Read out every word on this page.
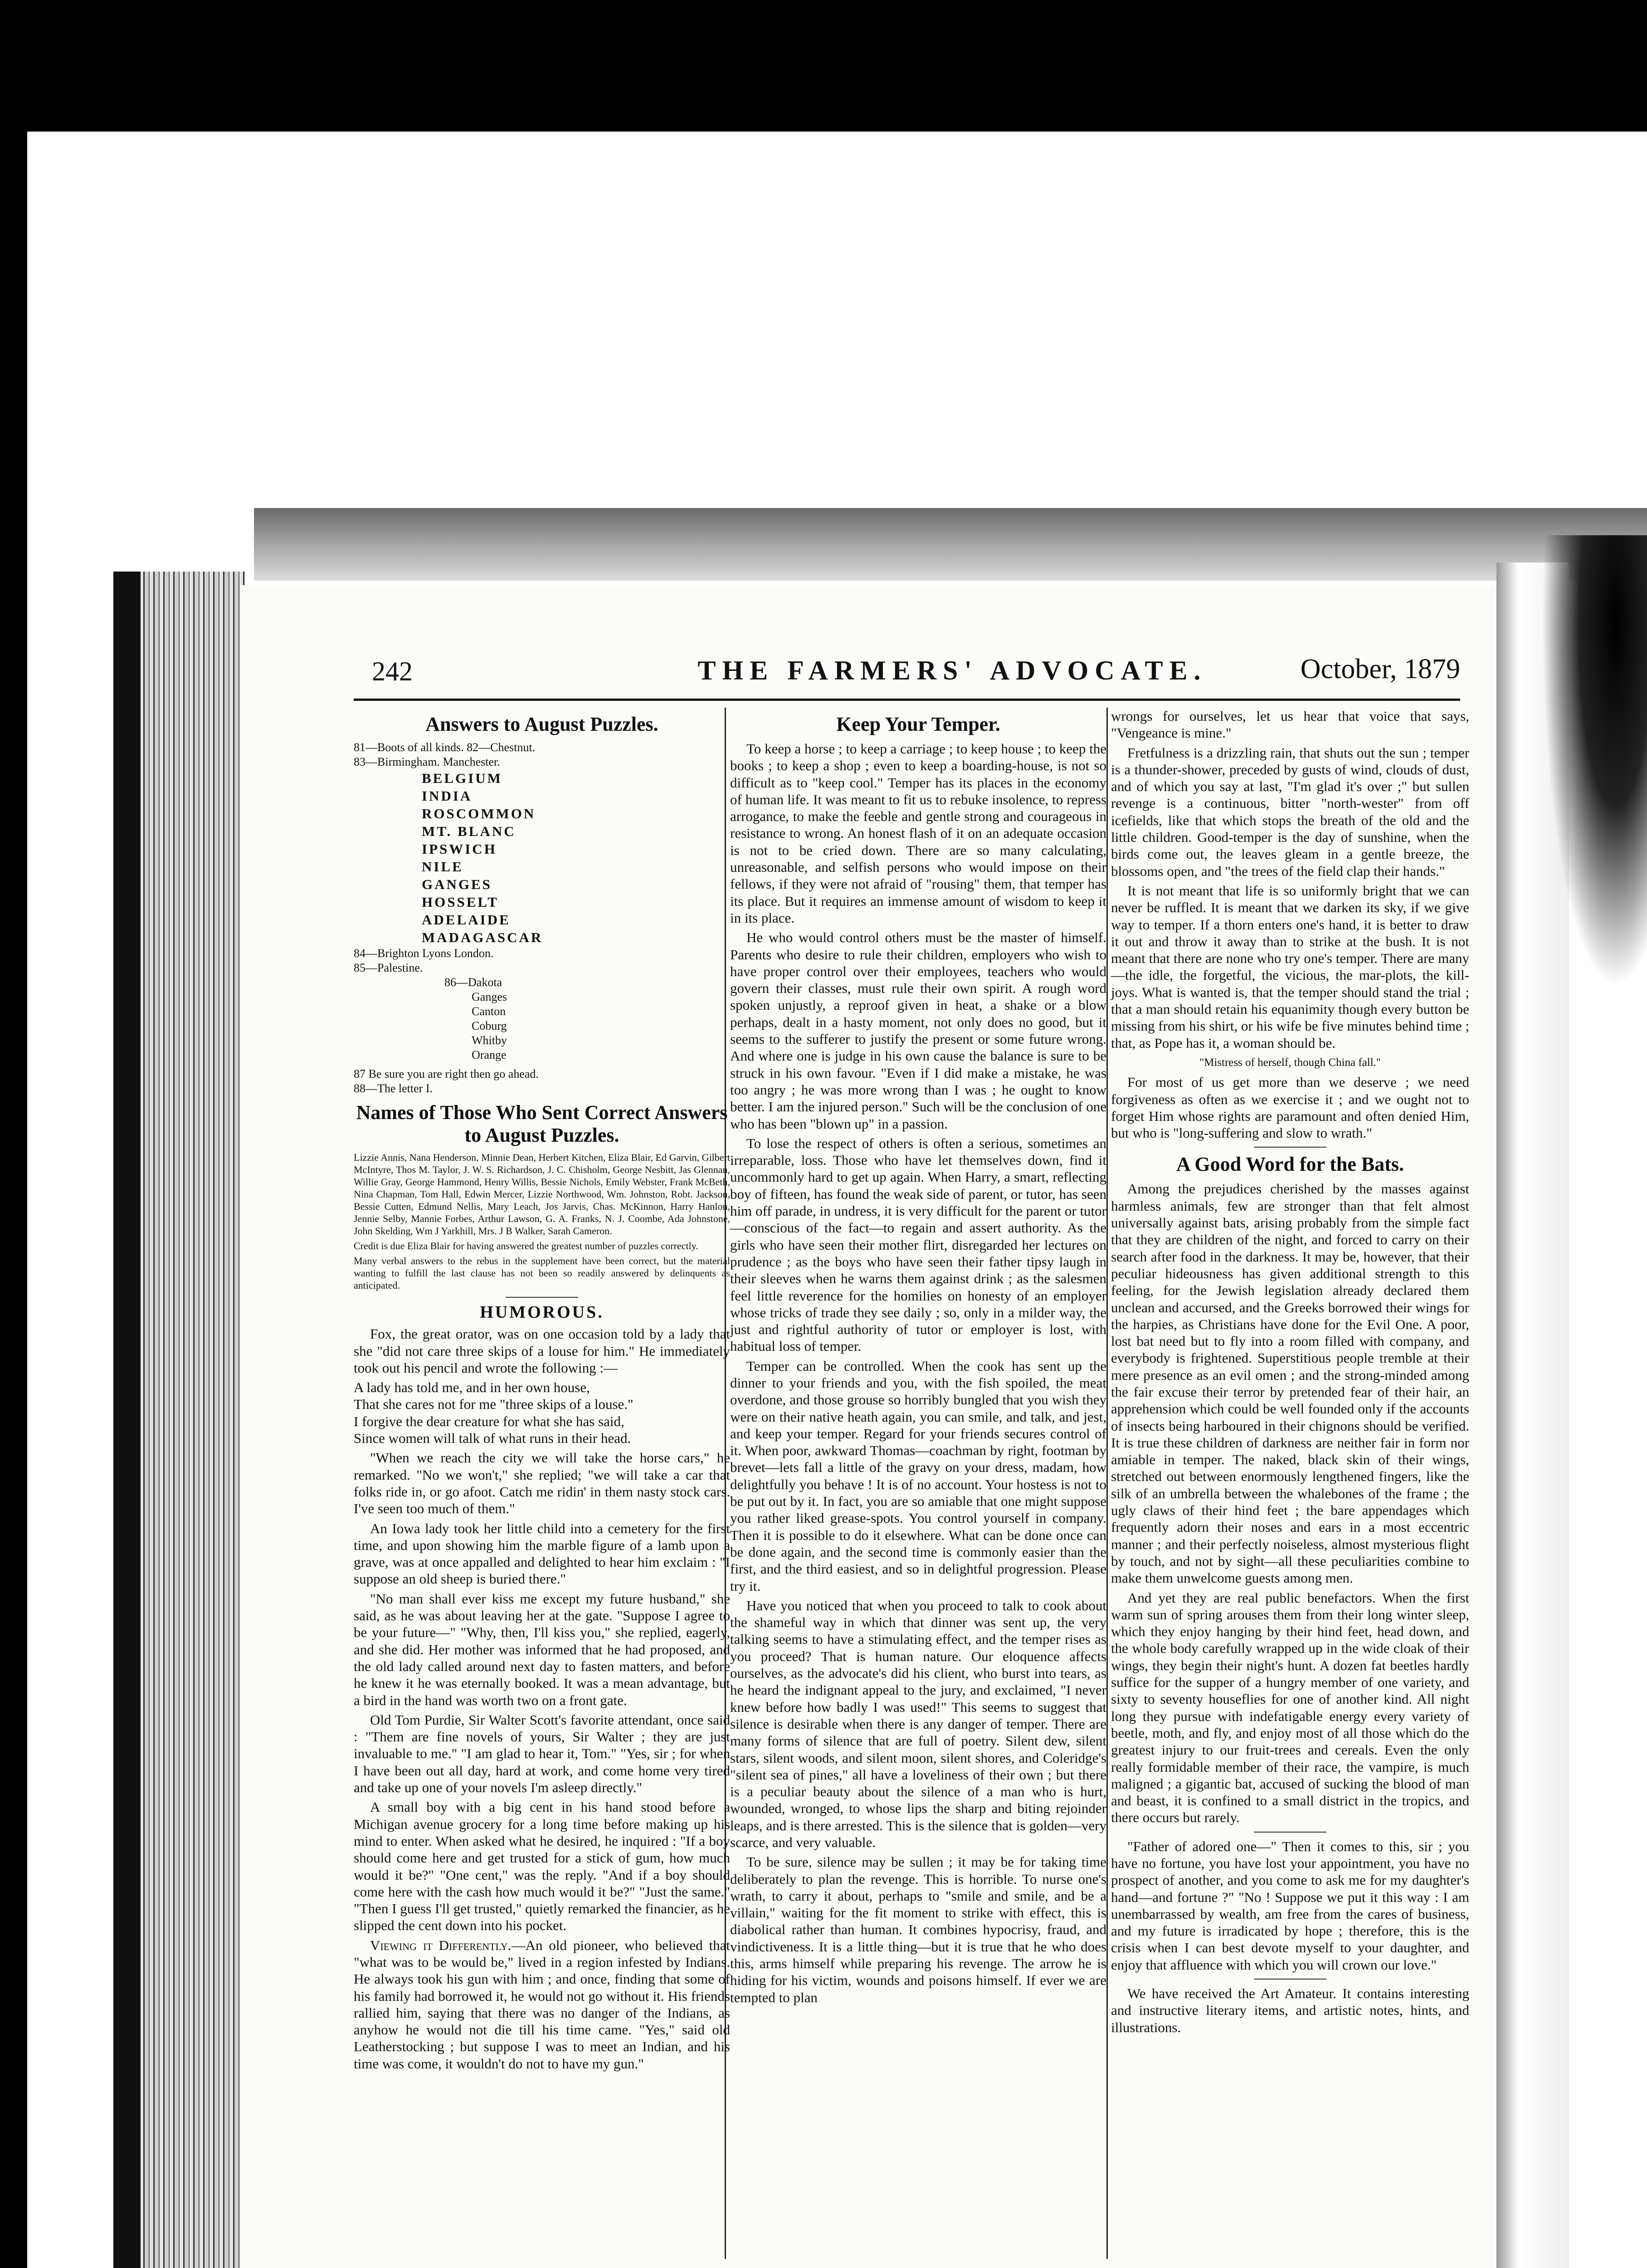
242	THE FARMERS' ADVOCATE.	October, 1879
Answers to August Puzzles.
81—Boots of all kinds. 82—Chestnut.
83—Birmingham. Manchester.
BELGIUM
INDIA
ROSCOMMON
MT. BLANC
IPSWICH
NILE
GANGES
HOSSELT
ADELAIDE
MADAGASCAR
84—Brighton Lyons London.
85—Palestine.
86—Dakota
Ganges
Canton
Coburg
Whitby
Orange
87 Be sure you are right then go ahead.
88—The letter I.
Names of Those Who Sent Correct Answers to August Puzzles.

Lizzie Annis, Nana Henderson, Minnie Dean, Herbert Kitchen, Eliza Blair, Ed Garvin, Gilbert McIntyre, Thos M. Taylor, J. W. S. Richardson, J. C. Chisholm, George Nesbitt, Jas Glennan, Willie Gray, George Hammond, Henry Willis, Bessie Nichols, Emily Webster, Frank McBeth, Nina Chapman, Tom Hall, Edwin Mercer, Lizzie Northwood, Wm. Johnston, Robt. Jackson, Bessie Cutten, Edmund Nellis, Mary Leach, Jos Jarvis, Chas. McKinnon, Harry Hanlon, Jennie Selby, Mannie Forbes, Arthur Lawson, G. A. Franks, N. J. Coombe, Ada Johnstone, John Skelding, Wm J Yarkhill, Mrs. J B Walker, Sarah Cameron.

Credit is due Eliza Blair for having answered the greatest number of puzzles correctly.

Many verbal answers to the rebus in the supplement have been correct, but the material wanting to fulfill the last clause has not been so readily answered by delinquents as anticipated.

HUMOROUS.

Fox, the great orator, was on one occasion told by a lady that she "did not care three skips of a louse for him." He immediately took out his pencil and wrote the following :—

A lady has told me, and in her own house,
That she cares not for me "three skips of a louse."
I forgive the dear creature for what she has said,
Since women will talk of what runs in their head.

"When we reach the city we will take the horse cars," he remarked. "No we won't," she replied; "we will take a car that folks ride in, or go afoot. Catch me ridin' in them nasty stock cars. I've seen too much of them."

An Iowa lady took her little child into a cemetery for the first time, and upon showing him the marble figure of a lamb upon a grave, was at once appalled and delighted to hear him exclaim : "I suppose an old sheep is buried there."

"No man shall ever kiss me except my future husband," she said, as he was about leaving her at the gate. "Suppose I agree to be your future—" "Why, then, I'll kiss you," she replied, eagerly, and she did. Her mother was informed that he had proposed, and the old lady called around next day to fasten matters, and before he knew it he was eternally booked. It was a mean advantage, but a bird in the hand was worth two on a front gate.

Old Tom Purdie, Sir Walter Scott's favorite attendant, once said : "Them are fine novels of yours, Sir Walter ; they are just invaluable to me." "I am glad to hear it, Tom." "Yes, sir ; for when I have been out all day, hard at work, and come home very tired and take up one of your novels I'm asleep directly."

A small boy with a big cent in his hand stood before a Michigan avenue grocery for a long time before making up his mind to enter. When asked what he desired, he inquired : "If a boy should come here and get trusted for a stick of gum, how much would it be?" "One cent," was the reply. "And if a boy should come here with the cash how much would it be?" "Just the same." "Then I guess I'll get trusted," quietly remarked the financier, as he slipped the cent down into his pocket.

Viewing it Differently.—An old pioneer, who believed that "what was to be would be," lived in a region infested by Indians. He always took his gun with him ; and once, finding that some of his family had borrowed it, he would not go without it. His friends rallied him, saying that there was no danger of the Indians, as anyhow he would not die till his time came. "Yes," said old Leatherstocking ; but suppose I was to meet an Indian, and his time was come, it wouldn't do not to have my gun."

Keep Your Temper.

To keep a horse ; to keep a carriage ; to keep house ; to keep the books ; to keep a shop ; even to keep a boarding-house, is not so difficult as to "keep cool." Temper has its places in the economy of human life. It was meant to fit us to rebuke insolence, to repress arrogance, to make the feeble and gentle strong and courageous in resistance to wrong. An honest flash of it on an adequate occasion is not to be cried down. There are so many calculating, unreasonable, and selfish persons who would impose on their fellows, if they were not afraid of "rousing" them, that temper has its place. But it requires an immense amount of wisdom to keep it in its place.

He who would control others must be the master of himself. Parents who desire to rule their children, employers who wish to have proper control over their employees, teachers who would govern their classes, must rule their own spirit. A rough word spoken unjustly, a reproof given in heat, a shake or a blow perhaps, dealt in a hasty moment, not only does no good, but it seems to the sufferer to justify the present or some future wrong. And where one is judge in his own cause the balance is sure to be struck in his own favour. "Even if I did make a mistake, he was too angry ; he was more wrong than I was ; he ought to know better. I am the injured person." Such will be the conclusion of one who has been "blown up" in a passion.

To lose the respect of others is often a serious, sometimes an irreparable, loss. Those who have let themselves down, find it uncommonly hard to get up again. When Harry, a smart, reflecting boy of fifteen, has found the weak side of parent, or tutor, has seen him off parade, in undress, it is very difficult for the parent or tutor—conscious of the fact—to regain and assert authority. As the girls who have seen their mother flirt, disregarded her lectures on prudence ; as the boys who have seen their father tipsy laugh in their sleeves when he warns them against drink ; as the salesmen feel little reverence for the homilies on honesty of an employer whose tricks of trade they see daily ; so, only in a milder way, the just and rightful authority of tutor or employer is lost, with habitual loss of temper.

Temper can be controlled. When the cook has sent up the dinner to your friends and you, with the fish spoiled, the meat overdone, and those grouse so horribly bungled that you wish they were on their native heath again, you can smile, and talk, and jest, and keep your temper. Regard for your friends secures control of it. When poor, awkward Thomas—coachman by right, footman by brevet—lets fall a little of the gravy on your dress, madam, how delightfully you behave ! It is of no account. Your hostess is not to be put out by it. In fact, you are so amiable that one might suppose you rather liked grease-spots. You control yourself in company. Then it is possible to do it elsewhere. What can be done once can be done again, and the second time is commonly easier than the first, and the third easiest, and so in delightful progression. Please try it.

Have you noticed that when you proceed to talk to cook about the shameful way in which that dinner was sent up, the very talking seems to have a stimulating effect, and the temper rises as you proceed? That is human nature. Our eloquence affects ourselves, as the advocate's did his client, who burst into tears, as he heard the indignant appeal to the jury, and exclaimed, "I never knew before how badly I was used!" This seems to suggest that silence is desirable when there is any danger of temper. There are many forms of silence that are full of poetry. Silent dew, silent stars, silent woods, and silent moon, silent shores, and Coleridge's "silent sea of pines," all have a loveliness of their own ; but there is a peculiar beauty about the silence of a man who is hurt, wounded, wronged, to whose lips the sharp and biting rejoinder leaps, and is there arrested. This is the silence that is golden—very scarce, and very valuable.

To be sure, silence may be sullen ; it may be for taking time deliberately to plan the revenge. This is horrible. To nurse one's wrath, to carry it about, perhaps to "smile and smile, and be a villain," waiting for the fit moment to strike with effect, this is diabolical rather than human. It combines hypocrisy, fraud, and vindictiveness. It is a little thing—but it is true that he who does this, arms himself while preparing his revenge. The arrow he is hiding for his victim, wounds and poisons himself. If ever we are tempted to plan

wrongs for ourselves, let us hear that voice that says, "Vengeance is mine."

Fretfulness is a drizzling rain, that shuts out the sun ; temper is a thunder-shower, preceded by gusts of wind, clouds of dust, and of which you say at last, "I'm glad it's over ;" but sullen revenge is a continuous, bitter "north-wester" from off icefields, like that which stops the breath of the old and the little children. Good-temper is the day of sunshine, when the birds come out, the leaves gleam in a gentle breeze, the blossoms open, and "the trees of the field clap their hands."

It is not meant that life is so uniformly bright that we can never be ruffled. It is meant that we darken its sky, if we give way to temper. If a thorn enters one's hand, it is better to draw it out and throw it away than to strike at the bush. It is not meant that there are none who try one's temper. There are many—the idle, the forgetful, the vicious, the mar-plots, the kill-joys. What is wanted is, that the temper should stand the trial ; that a man should retain his equanimity though every button be missing from his shirt, or his wife be five minutes behind time ; that, as Pope has it, a woman should be.

"Mistress of herself, though China fall."

For most of us get more than we deserve ; we need forgiveness as often as we exercise it ; and we ought not to forget Him whose rights are paramount and often denied Him, but who is "long-suffering and slow to wrath."

A Good Word for the Bats.

Among the prejudices cherished by the masses against harmless animals, few are stronger than that felt almost universally against bats, arising probably from the simple fact that they are children of the night, and forced to carry on their search after food in the darkness. It may be, however, that their peculiar hideousness has given additional strength to this feeling, for the Jewish legislation already declared them unclean and accursed, and the Greeks borrowed their wings for the harpies, as Christians have done for the Evil One. A poor, lost bat need but to fly into a room filled with company, and everybody is frightened. Superstitious people tremble at their mere presence as an evil omen ; and the strong-minded among the fair excuse their terror by pretended fear of their hair, an apprehension which could be well founded only if the accounts of insects being harboured in their chignons should be verified. It is true these children of darkness are neither fair in form nor amiable in temper. The naked, black skin of their wings, stretched out between enormously lengthened fingers, like the silk of an umbrella between the whalebones of the frame ; the ugly claws of their hind feet ; the bare appendages which frequently adorn their noses and ears in a most eccentric manner ; and their perfectly noiseless, almost mysterious flight by touch, and not by sight—all these peculiarities combine to make them unwelcome guests among men.

And yet they are real public benefactors. When the first warm sun of spring arouses them from their long winter sleep, which they enjoy hanging by their hind feet, head down, and the whole body carefully wrapped up in the wide cloak of their wings, they begin their night's hunt. A dozen fat beetles hardly suffice for the supper of a hungry member of one variety, and sixty to seventy houseflies for one of another kind. All night long they pursue with indefatigable energy every variety of beetle, moth, and fly, and enjoy most of all those which do the greatest injury to our fruit-trees and cereals. Even the only really formidable member of their race, the vampire, is much maligned ; a gigantic bat, accused of sucking the blood of man and beast, it is confined to a small district in the tropics, and there occurs but rarely.

"Father of adored one—" Then it comes to this, sir ; you have no fortune, you have lost your appointment, you have no prospect of another, and you come to ask me for my daughter's hand—and fortune ?" "No ! Suppose we put it this way : I am unembarrassed by wealth, am free from the cares of business, and my future is irradicated by hope ; therefore, this is the crisis when I can best devote myself to your daughter, and enjoy that affluence with which you will crown our love."

We have received the Art Amateur. It contains interesting and instructive literary items, and artistic notes, hints, and illustrations.
